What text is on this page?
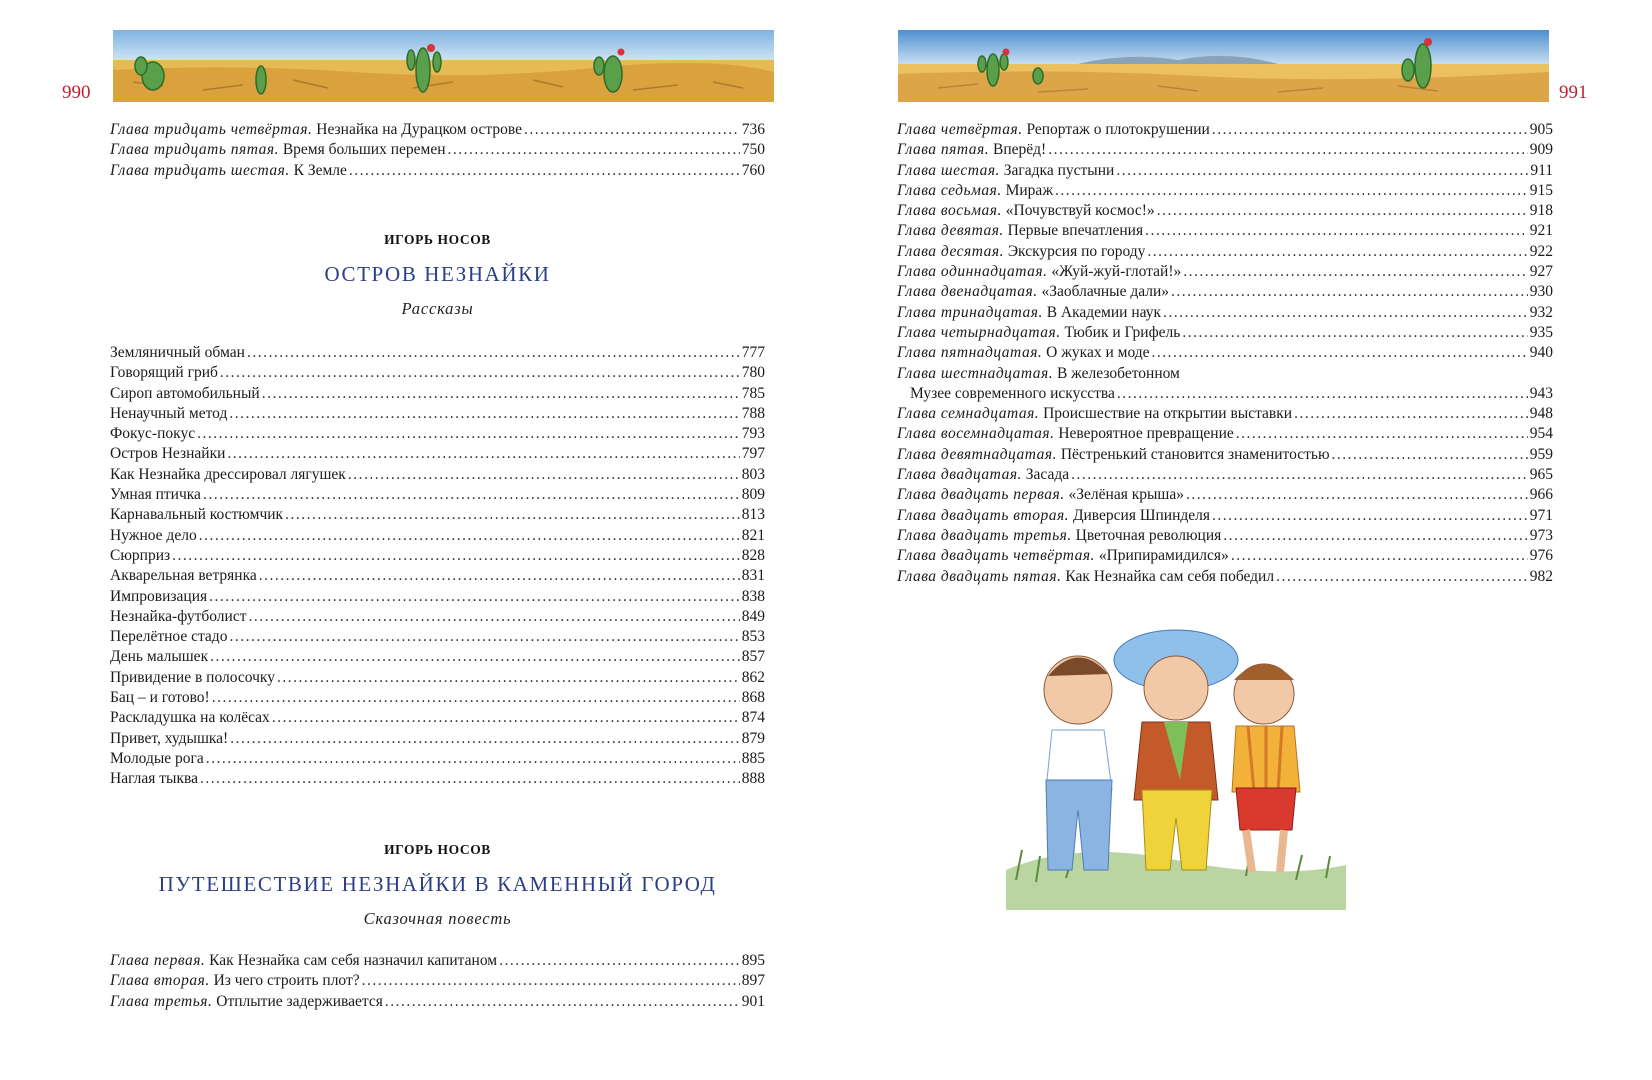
990
Глава тридцать четвёртая. Незнайка на Дурацком острове .....	736
Глава тридцать пятая. Время больших перемен .....	750
Глава тридцать шестая. К Земле .....	760
ИГОРЬ НОСОВ
ОСТРОВ НЕЗНАЙКИ
Рассказы
Земляничный обман .....	777
Говорящий гриб .....	780
Сироп автомобильный .....	785
Ненаучный метод .....	788
Фокус-покус .....	793
Остров Незнайки .....	797
Как Незнайка дрессировал лягушек .....	803
Умная птичка .....	809
Карнавальный костюмчик .....	813
Нужное дело .....	821
Сюрприз .....	828
Акварельная ветрянка .....	831
Импровизация .....	838
Незнайка-футболист .....	849
Перелётное стадо .....	853
День малышек .....	857
Привидение в полосочку .....	862
Бац – и готово! .....	868
Раскладушка на колёсах .....	874
Привет, худышка! .....	879
Молодые рога .....	885
Наглая тыква .....	888
ИГОРЬ НОСОВ
ПУТЕШЕСТВИЕ НЕЗНАЙКИ В КАМЕННЫЙ ГОРОД
Сказочная повесть
Глава первая. Как Незнайка сам себя назначил капитаном .....	895
Глава вторая. Из чего строить плот? .....	897
Глава третья. Отплытие задерживается .....	901
991
Глава четвёртая. Репортаж о плотокрушении .....	905
Глава пятая. Вперёд! .....	909
Глава шестая. Загадка пустыни .....	911
Глава седьмая. Мираж .....	915
Глава восьмая. «Почувствуй космос!» .....	918
Глава девятая. Первые впечатления .....	921
Глава десятая. Экскурсия по городу .....	922
Глава одиннадцатая. «Жуй-жуй-глотай!» .....	927
Глава двенадцатая. «Заоблачные дали» .....	930
Глава тринадцатая. В Академии наук .....	932
Глава четырнадцатая. Тюбик и Грифель .....	935
Глава пятнадцатая. О жуках и моде .....	940
Глава шестнадцатая. В железобетонном
Музее современного искусства .....	943
Глава семнадцатая. Происшествие на открытии выставки .....	948
Глава восемнадцатая. Невероятное превращение .....	954
Глава девятнадцатая. Пёстренький становится знаменитостью .....	959
Глава двадцатая. Засада .....	965
Глава двадцать первая. «Зелёная крыша» .....	966
Глава двадцать вторая. Диверсия Шпинделя .....	971
Глава двадцать третья. Цветочная революция .....	973
Глава двадцать четвёртая. «Припирамидился» .....	976
Глава двадцать пятая. Как Незнайка сам себя победил .....	982
